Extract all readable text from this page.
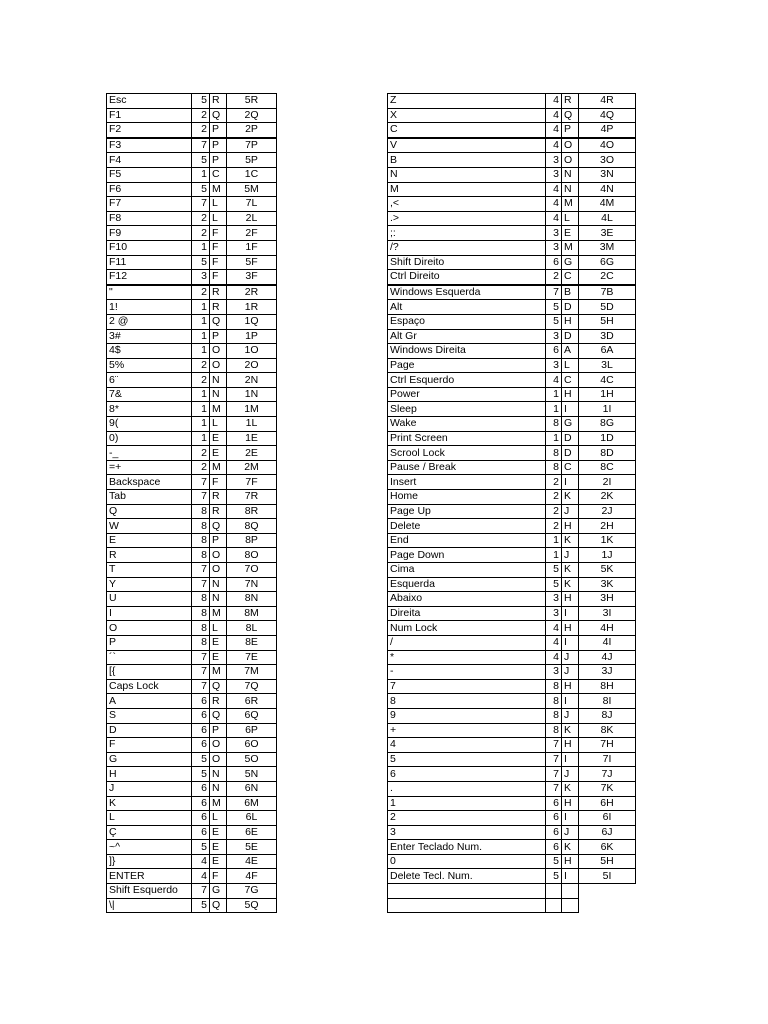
Esc	5	R	5R
F1	2	Q	2Q
F2	2	P	2P
F3	7	P	7P
F4	5	P	5P
F5	1	C	1C
F6	5	M	5M
F7	7	L	7L
F8	2	L	2L
F9	2	F	2F
F10	1	F	1F
F11	5	F	5F
F12	3	F	3F
"	2	R	2R
1!	1	R	1R
2 @	1	Q	1Q
3#	1	P	1P
4$	1	O	1O
5%	2	O	2O
6¨	2	N	2N
7&	1	N	1N
8*	1	M	1M
9(	1	L	1L
0)	1	E	1E
-_	2	E	2E
=+	2	M	2M
Backspace	7	F	7F
Tab	7	R	7R
Q	8	R	8R
W	8	Q	8Q
E	8	P	8P
R	8	O	8O
T	7	O	7O
Y	7	N	7N
U	8	N	8N
I	8	M	8M
O	8	L	8L
P	8	E	8E
´`	7	E	7E
[{	7	M	7M
Caps Lock	7	Q	7Q
A	6	R	6R
S	6	Q	6Q
D	6	P	6P
F	6	O	6O
G	5	O	5O
H	5	N	5N
J	6	N	6N
K	6	M	6M
L	6	L	6L
Ç	6	E	6E
~^	5	E	5E
]}	4	E	4E
ENTER	4	F	4F
Shift Esquerdo	7	G	7G
\|	5	Q	5Q
Z	4	R	4R
X	4	Q	4Q
C	4	P	4P
V	4	O	4O
B	3	O	3O
N	3	N	3N
M	4	N	4N
,<	4	M	4M
.>	4	L	4L
;:	3	E	3E
/?	3	M	3M
Shift Direito	6	G	6G
Ctrl Direito	2	C	2C
Windows Esquerda	7	B	7B
Alt	5	D	5D
Espaço	5	H	5H
Alt Gr	3	D	3D
Windows Direita	6	A	6A
Page	3	L	3L
Ctrl Esquerdo	4	C	4C
Power	1	H	1H
Sleep	1	I	1I
Wake	8	G	8G
Print Screen	1	D	1D
Scrool Lock	8	D	8D
Pause / Break	8	C	8C
Insert	2	I	2I
Home	2	K	2K
Page Up	2	J	2J
Delete	2	H	2H
End	1	K	1K
Page Down	1	J	1J
Cima	5	K	5K
Esquerda	5	K	3K
Abaixo	3	H	3H
Direita	3	I	3I
Num Lock	4	H	4H
/	4	I	4I
*	4	J	4J
-	3	J	3J
7	8	H	8H
8	8	I	8I
9	8	J	8J
+	8	K	8K
4	7	H	7H
5	7	I	7I
6	7	J	7J
.	7	K	7K
1	6	H	6H
2	6	I	6I
3	6	J	6J
Enter Teclado Num.	6	K	6K
0	5	H	5H
Delete Tecl. Num.	5	I	5I
